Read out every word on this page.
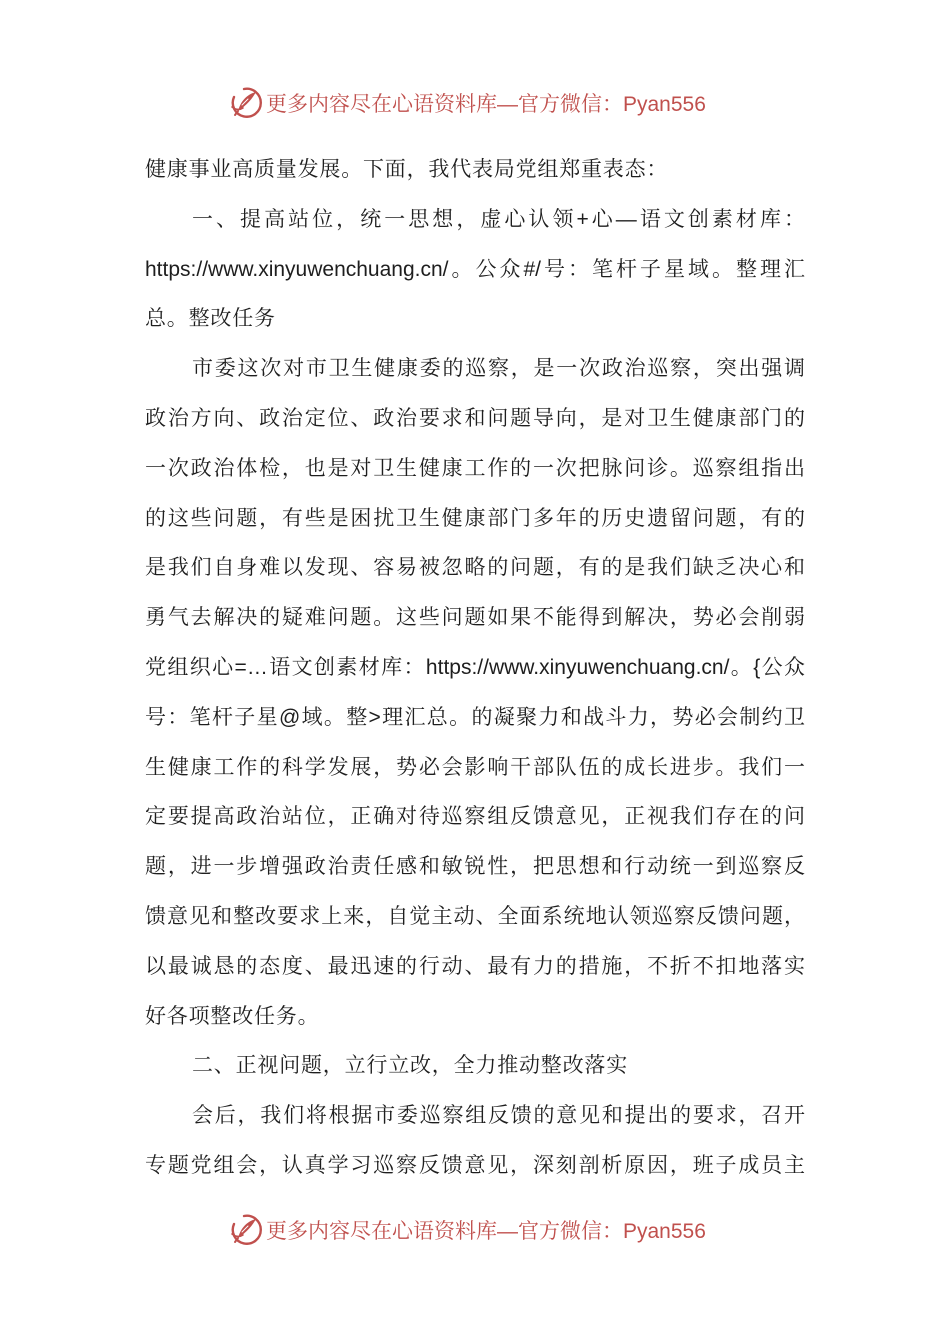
更多内容尽在心语资料库—官方微信：Pyan556
健康事业高质量发展。下面，我代表局党组郑重表态：
一、提高站位，统一思想，虚心认领+心—语文创素材库：
https://www.xinyuwenchuang.cn/。公众#/号：笔杆子星域。整理汇
总。整改任务
市委这次对市卫生健康委的巡察，是一次政治巡察，突出强调
政治方向、政治定位、政治要求和问题导向，是对卫生健康部门的
一次政治体检，也是对卫生健康工作的一次把脉问诊。巡察组指出
的这些问题，有些是困扰卫生健康部门多年的历史遗留问题，有的
是我们自身难以发现、容易被忽略的问题，有的是我们缺乏决心和
勇气去解决的疑难问题。这些问题如果不能得到解决，势必会削弱
党组织心=…语文创素材库：https://www.xinyuwenchuang.cn/。{公众
号：笔杆子星@域。整>理汇总。的凝聚力和战斗力，势必会制约卫
生健康工作的科学发展，势必会影响干部队伍的成长进步。我们一
定要提高政治站位，正确对待巡察组反馈意见，正视我们存在的问
题，进一步增强政治责任感和敏锐性，把思想和行动统一到巡察反
馈意见和整改要求上来，自觉主动、全面系统地认领巡察反馈问题，
以最诚恳的态度、最迅速的行动、最有力的措施，不折不扣地落实
好各项整改任务。
二、正视问题，立行立改，全力推动整改落实
会后，我们将根据市委巡察组反馈的意见和提出的要求，召开
专题党组会，认真学习巡察反馈意见，深刻剖析原因，班子成员主
更多内容尽在心语资料库—官方微信：Pyan556
